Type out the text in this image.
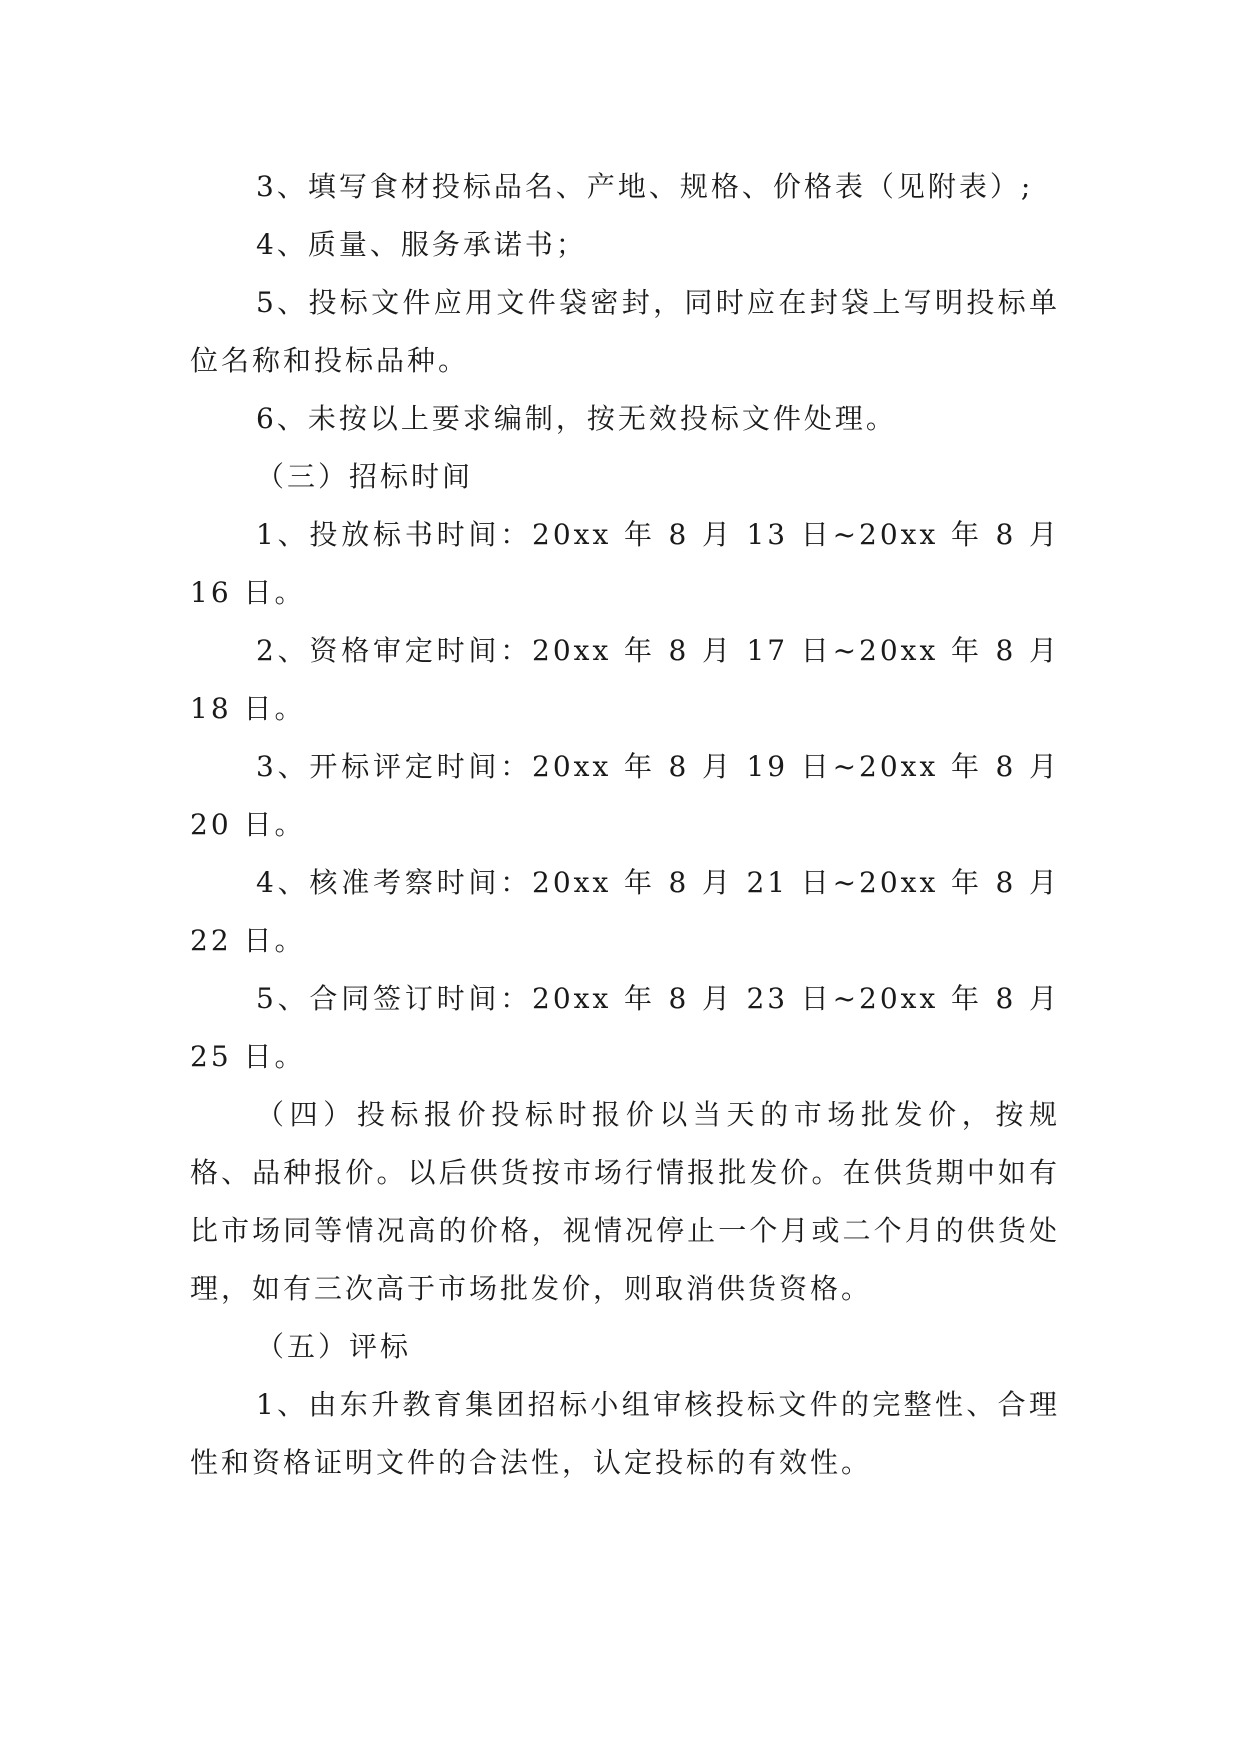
3、填写食材投标品名、产地、规格、价格表（见附表）;

4、质量、服务承诺书；

5、投标文件应用文件袋密封，同时应在封袋上写明投标单位名称和投标品种。

6、未按以上要求编制，按无效投标文件处理。

（三）招标时间

1、投放标书时间：20xx 年 8 月 13 日~20xx 年 8 月 16 日。

2、资格审定时间：20xx 年 8 月 17 日~20xx 年 8 月 18 日。

3、开标评定时间：20xx 年 8 月 19 日~20xx 年 8 月 20 日。

4、核准考察时间：20xx 年 8 月 21 日~20xx 年 8 月 22 日。

5、合同签订时间：20xx 年 8 月 23 日~20xx 年 8 月 25 日。

（四）投标报价投标时报价以当天的市场批发价，按规格、品种报价。以后供货按市场行情报批发价。在供货期中如有比市场同等情况高的价格，视情况停止一个月或二个月的供货处理，如有三次高于市场批发价，则取消供货资格。

（五）评标

1、由东升教育集团招标小组审核投标文件的完整性、合理性和资格证明文件的合法性，认定投标的有效性。
